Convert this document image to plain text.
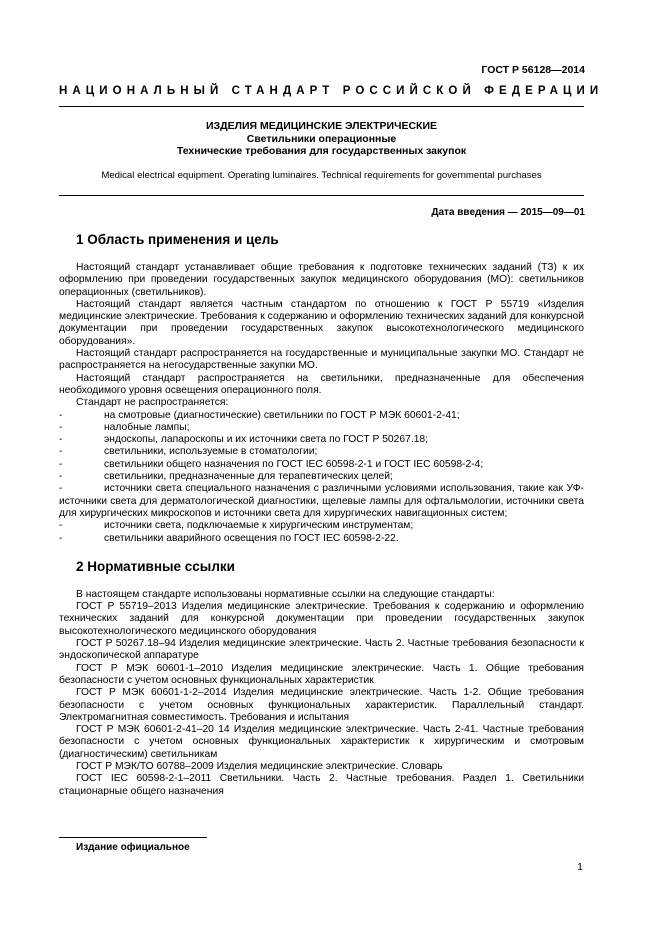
ГОСТ Р 56128—2014
НАЦИОНАЛЬНЫЙ СТАНДАРТ РОССИЙСКОЙ ФЕДЕРАЦИИ
ИЗДЕЛИЯ МЕДИЦИНСКИЕ ЭЛЕКТРИЧЕСКИЕ
Светильники операционные
Технические требования для государственных закупок
Medical electrical equipment. Operating luminaires. Technical requirements for governmental purchases
Дата введения — 2015—09—01
1 Область применения и цель

Настоящий стандарт устанавливает общие требования к подготовке технических заданий (ТЗ) к их оформлению при проведении государственных закупок медицинского оборудования (МО): светильников операционных (светильников).

Настоящий стандарт является частным стандартом по отношению к ГОСТ Р 55719 «Изделия медицинские электрические. Требования к содержанию и оформлению технических заданий для конкурсной документации при проведении государственных закупок высокотехнологического медицинского оборудования».

Настоящий стандарт распространяется на государственные и муниципальные закупки МО. Стандарт не распространяется на негосударственные закупки МО.

Настоящий стандарт распространяется на светильники, предназначенные для обеспечения необходимого уровня освещения операционного поля.

Стандарт не распространяется:

-	на смотровые (диагностические) светильники по ГОСТ Р МЭК 60601-2-41;
-	налобные лампы;
-	эндоскопы, лапароскопы и их источники света по ГОСТ Р 50267.18;
-	светильники, используемые в стоматологии;
-	светильники общего назначения по ГОСТ IEC 60598-2-1 и ГОСТ IEC 60598-2-4;
-	светильники, предназначенные для терапевтических целей;

-	источники света специального назначения с различными условиями использования, такие как УФ-источники света для дерматологической диагностики, щелевые лампы для офтальмологии, источники света для хирургических микроскопов и источники света для хирургических навигационных систем;

-	источники света, подключаемые к хирургическим инструментам;
-	светильники аварийного освещения по ГОСТ IEC 60598-2-22.
2 Нормативные ссылки

В настоящем стандарте использованы нормативные ссылки на следующие стандарты:

ГОСТ Р 55719–2013 Изделия медицинские электрические. Требования к содержанию и оформлению технических заданий для конкурсной документации при проведении государственных закупок высокотехнологического медицинского оборудования

ГОСТ Р 50267.18–94 Изделия медицинские электрические. Часть 2. Частные требования безопасности к эндоскопической аппаратуре

ГОСТ Р МЭК 60601-1–2010 Изделия медицинские электрические. Часть 1. Общие требования безопасности с учетом основных функциональных характеристик

ГОСТ Р МЭК 60601-1-2–2014 Изделия медицинские электрические. Часть 1-2. Общие требования безопасности с учетом основных функциональных характеристик. Параллельный стандарт. Электромагнитная совместимость. Требования и испытания

ГОСТ Р МЭК 60601-2-41–20 14 Изделия медицинские электрические. Часть 2-41. Частные требования безопасности с учетом основных функциональных характеристик к хирургическим и смотровым (диагностическим) светильникам

ГОСТ Р МЭК/ТО 60788–2009 Изделия медицинские электрические. Словарь

ГОСТ IEC 60598-2-1–2011 Светильники. Часть 2. Частные требования. Раздел 1. Светильники стационарные общего назначения

Издание официальное
1
